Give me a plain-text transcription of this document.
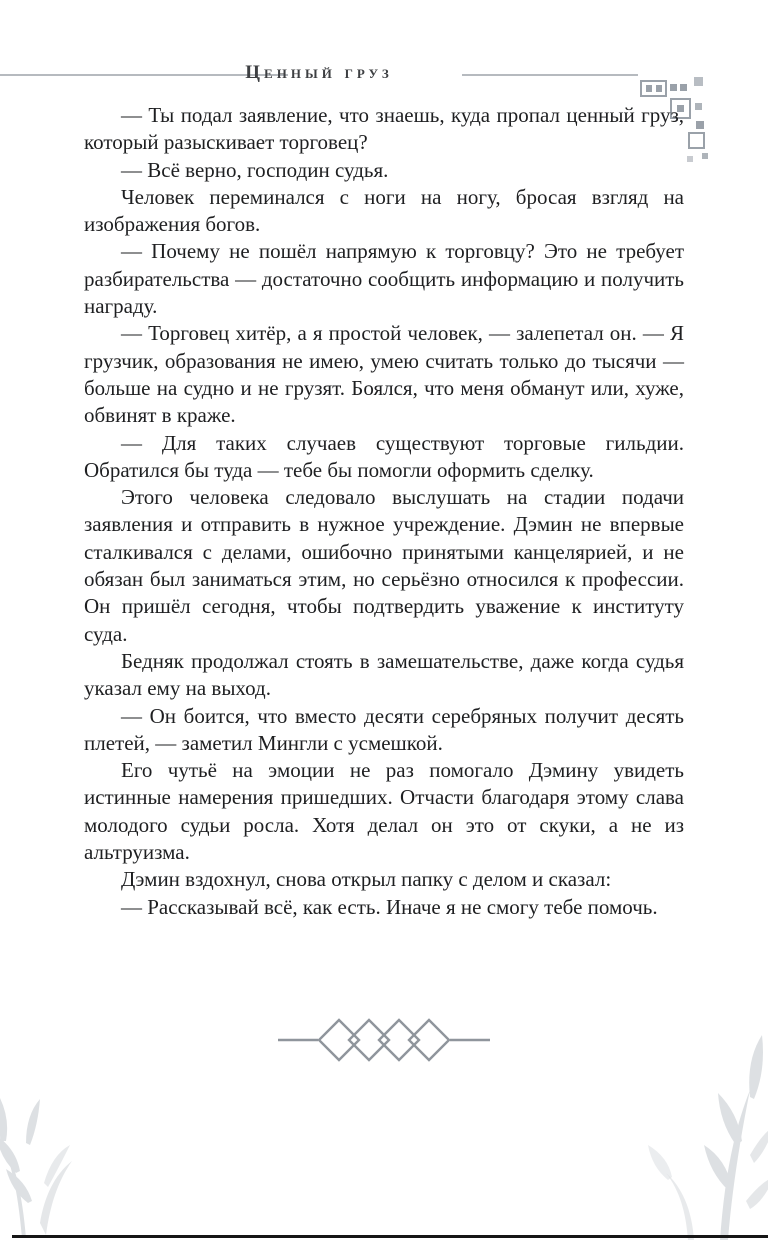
Ценный груз

— Ты подал заявление, что знаешь, куда пропал ценный груз, который разыскивает торговец?

— Всё верно, господин судья.

Человек переминался с ноги на ногу, бросая взгляд на изображения богов.

— Почему не пошёл напрямую к торговцу? Это не требует разбирательства — достаточно сообщить информацию и получить награду.

— Торговец хитёр, а я простой человек, — залепетал он. — Я грузчик, образования не имею, умею считать только до тысячи — больше на судно и не грузят. Боялся, что меня обманут или, хуже, обвинят в краже.

— Для таких случаев существуют торговые гильдии. Обратился бы туда — тебе бы помогли оформить сделку.

Этого человека следовало выслушать на стадии подачи заявления и отправить в нужное учреждение. Дэмин не впервые сталкивался с делами, ошибочно принятыми канцелярией, и не обязан был заниматься этим, но серьёзно относился к профессии. Он пришёл сегодня, чтобы подтвердить уважение к институту суда.

Бедняк продолжал стоять в замешательстве, даже когда судья указал ему на выход.

— Он боится, что вместо десяти серебряных получит десять плетей, — заметил Мингли с усмешкой.

Его чутьё на эмоции не раз помогало Дэмину увидеть истинные намерения пришедших. Отчасти благодаря этому слава молодого судьи росла. Хотя делал он это от скуки, а не из альтруизма.

Дэмин вздохнул, снова открыл папку с делом и сказал:

— Рассказывай всё, как есть. Иначе я не смогу тебе помочь.
